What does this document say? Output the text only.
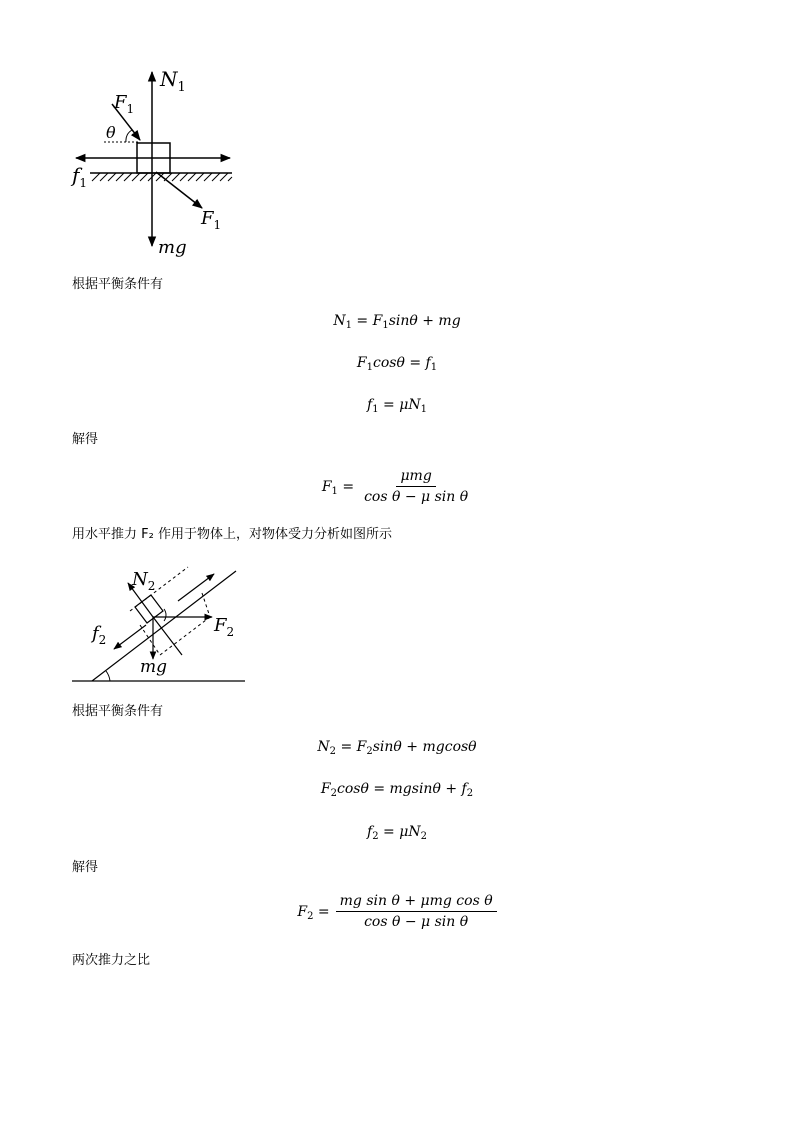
$N_1$
$F_1$
θ
$F_1$
$f_1$
mg
根据平衡条件有
$N_1 = F_1\sin\theta$ + mg
$F_1\cos\theta = f_1$
$f_1 = \mu N_1$
解得
$F_1 = \frac{\text{μmg}}{\text{cos θ − μ sin θ}}$
用水平推力 F₂ 作用于物体上，对物体受力分析如图所示
$N_2$
$F_2$
$f_2$
mg
根据平衡条件有
$N_2 = F_2\sin\theta + mgcos\theta$
$F_2\cos\theta = mgsin\theta + f_2$
$f_2 = \mu N_2$
解得
$F_2 = \frac{\text{mg sin θ + μmg cos θ}}{\text{cos θ − μ sin θ}}$
两次推力之比
